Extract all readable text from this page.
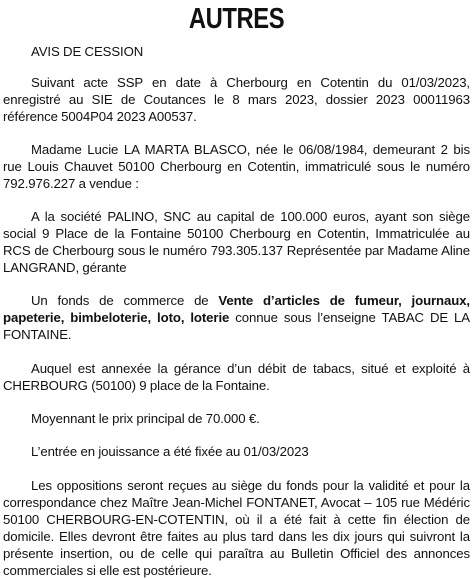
AUTRES

AVIS DE CESSION

Suivant acte SSP en date à Cherbourg en Cotentin du 01/03/2023, enregistré au SIE de Coutances le 8 mars 2023, dossier 2023 00011963 référence 5004P04 2023 A00537.

Madame Lucie LA MARTA BLASCO, née le 06/08/1984, demeurant 2 bis rue Louis Chauvet 50100 Cherbourg en Cotentin, immatriculé sous le numéro 792.976.227 a vendue :

A la société PALINO, SNC au capital de 100.000 euros, ayant son siège social 9 Place de la Fontaine 50100 Cherbourg en Cotentin, Immatriculée au RCS de Cherbourg sous le numéro 793.305.137 Représentée par Madame Aline LANGRAND, gérante

Un fonds de commerce de Vente d’articles de fumeur, journaux, papeterie, bimbeloterie, loto, loterie connue sous l’enseigne TABAC DE LA FONTAINE.

Auquel est annexée la gérance d’un débit de tabacs, situé et exploité à CHERBOURG (50100) 9 place de la Fontaine.

Moyennant le prix principal de 70.000 €.

L’entrée en jouissance a été fixée au 01/03/2023

Les oppositions seront reçues au siège du fonds pour la validité et pour la correspondance chez Maître Jean-Michel FONTANET, Avocat – 105 rue Médéric 50100 CHERBOURG-EN-COTENTIN, où il a été fait à cette fin élection de domicile. Elles devront être faites au plus tard dans les dix jours qui suivront la présente insertion, ou de celle qui paraîtra au Bulletin Officiel des annonces commerciales si elle est postérieure.
